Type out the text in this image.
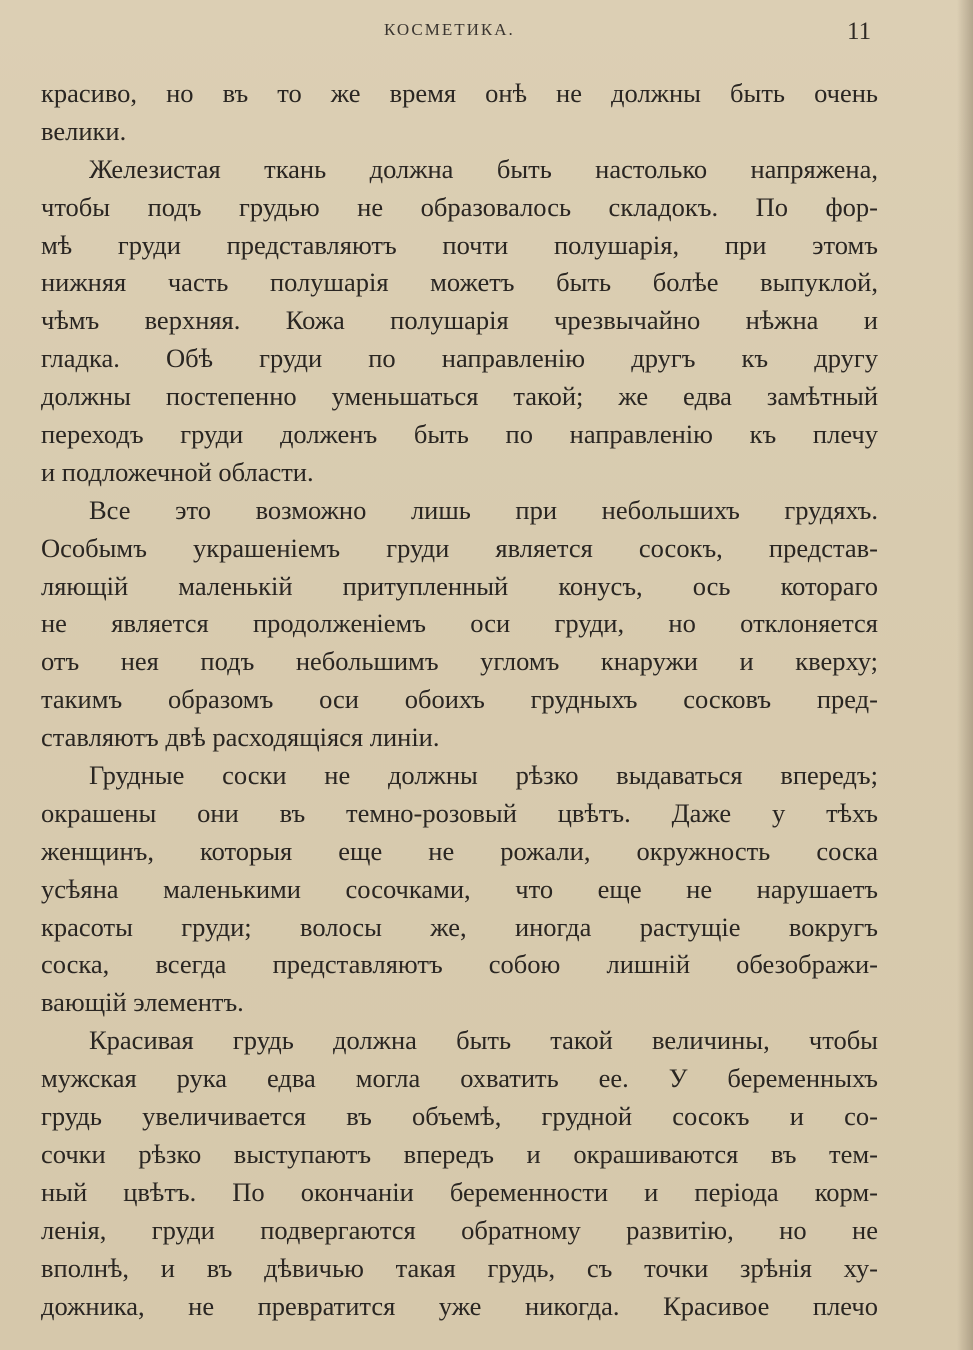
КОСМЕТИКА.	11
красиво, но въ то же время онѣ не должны быть очень
велики.
Железистая ткань должна быть настолько напряжена,
чтобы подъ грудью не образовалось складокъ. По фор-
мѣ груди представляютъ почти полушарія, при этомъ
нижняя часть полушарія можетъ быть болѣе выпуклой,
чѣмъ верхняя. Кожа полушарія чрезвычайно нѣжна и
гладка. Обѣ груди по направленію другъ къ другу
должны постепенно уменьшаться такой; же едва замѣтный
переходъ груди долженъ быть по направленію къ плечу
и подложечной области.
Все это возможно лишь при небольшихъ грудяхъ.
Особымъ украшеніемъ груди является сосокъ, представ-
ляющій маленькій притупленный конусъ, ось котораго
не является продолженіемъ оси груди, но отклоняется
отъ нея подъ небольшимъ угломъ кнаружи и кверху;
такимъ образомъ оси обоихъ грудныхъ сосковъ пред-
ставляютъ двѣ расходящіяся линіи.
Грудные соски не должны рѣзко выдаваться впередъ;
окрашены они въ темно-розовый цвѣтъ. Даже у тѣхъ
женщинъ, которыя еще не рожали, окружность соска
усѣяна маленькими сосочками, что еще не нарушаетъ
красоты груди; волосы же, иногда растущіе вокругъ
соска, всегда представляютъ собою лишній обезображи-
вающій элементъ.
Красивая грудь должна быть такой величины, чтобы
мужская рука едва могла охватить ее. У беременныхъ
грудь увеличивается въ объемѣ, грудной сосокъ и со-
сочки рѣзко выступаютъ впередъ и окрашиваются въ тем-
ный цвѣтъ. По окончаніи беременности и періода корм-
ленія, груди подвергаются обратному развитію, но не
вполнѣ, и въ дѣвичью такая грудь, съ точки зрѣнія ху-
дожника, не превратится уже никогда. Красивое плечо
